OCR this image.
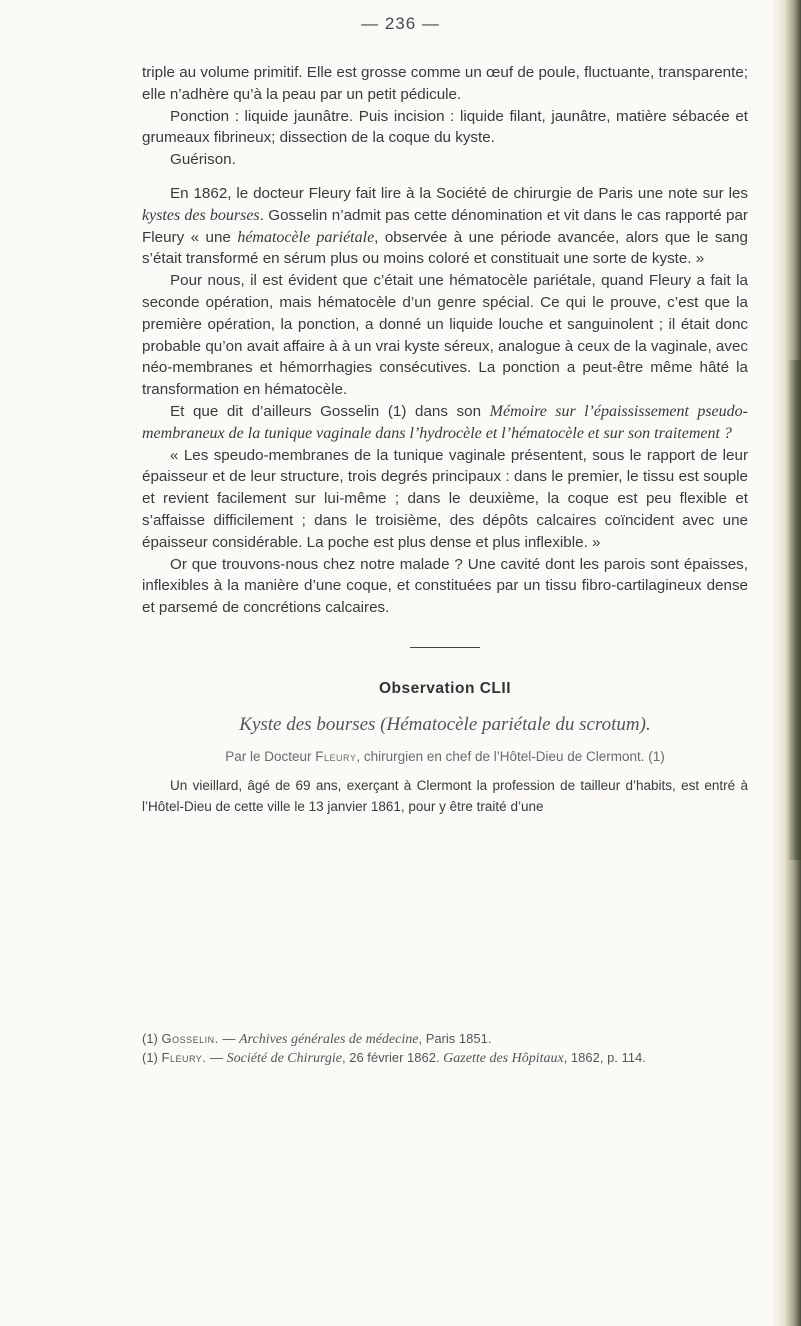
— 236 —

triple au volume primitif. Elle est grosse comme un œuf de poule, fluctuante, transparente; elle n’adhère qu’à la peau par un petit pédicule.

Ponction : liquide jaunâtre. Puis incision : liquide filant, jaunâtre, matière sébacée et grumeaux fibrineux; dissection de la coque du kyste.

Guérison.

En 1862, le docteur Fleury fait lire à la Société de chirurgie de Paris une note sur les kystes des bourses. Gosselin n’admit pas cette dénomination et vit dans le cas rapporté par Fleury « une hématocèle pariétale, observée à une période avancée, alors que le sang s’était transformé en sérum plus ou moins coloré et constituait une sorte de kyste. »

Pour nous, il est évident que c’était une hématocèle pariétale, quand Fleury a fait la seconde opération, mais hématocèle d’un genre spécial. Ce qui le prouve, c’est que la première opération, la ponction, a donné un liquide louche et sanguinolent ; il était donc probable qu’on avait affaire à à un vrai kyste séreux, analogue à ceux de la vaginale, avec néo-membranes et hémorrhagies consécutives. La ponction a peut-être même hâté la transformation en hématocèle.

Et que dit d’ailleurs Gosselin (1) dans son Mémoire sur l’épaississement pseudo-membraneux de la tunique vaginale dans l’hydrocèle et l’hématocèle et sur son traitement ?

« Les speudo-membranes de la tunique vaginale présentent, sous le rapport de leur épaisseur et de leur structure, trois degrés principaux : dans le premier, le tissu est souple et revient facilement sur lui-même ; dans le deuxième, la coque est peu flexible et s’affaisse difficilement ; dans le troisième, des dépôts calcaires coïncident avec une épaisseur considérable. La poche est plus dense et plus inflexible. »

Or que trouvons-nous chez notre malade ? Une cavité dont les parois sont épaisses, inflexibles à la manière d’une coque, et constituées par un tissu fibro-cartilagineux dense et parsemé de concrétions calcaires.

Observation CLII

Kyste des bourses (Hématocèle pariétale du scrotum).

Par le Docteur Fleury, chirurgien en chef de l’Hôtel-Dieu de Clermont. (1)

Un vieillard, âgé de 69 ans, exerçant à Clermont la profession de tailleur d’habits, est entré à l’Hôtel-Dieu de cette ville le 13 janvier 1861, pour y être traité d’une

(1) Gosselin. — Archives générales de médecine, Paris 1851.

(1) Fleury. — Société de Chirurgie, 26 février 1862. Gazette des Hôpitaux, 1862, p. 114.
